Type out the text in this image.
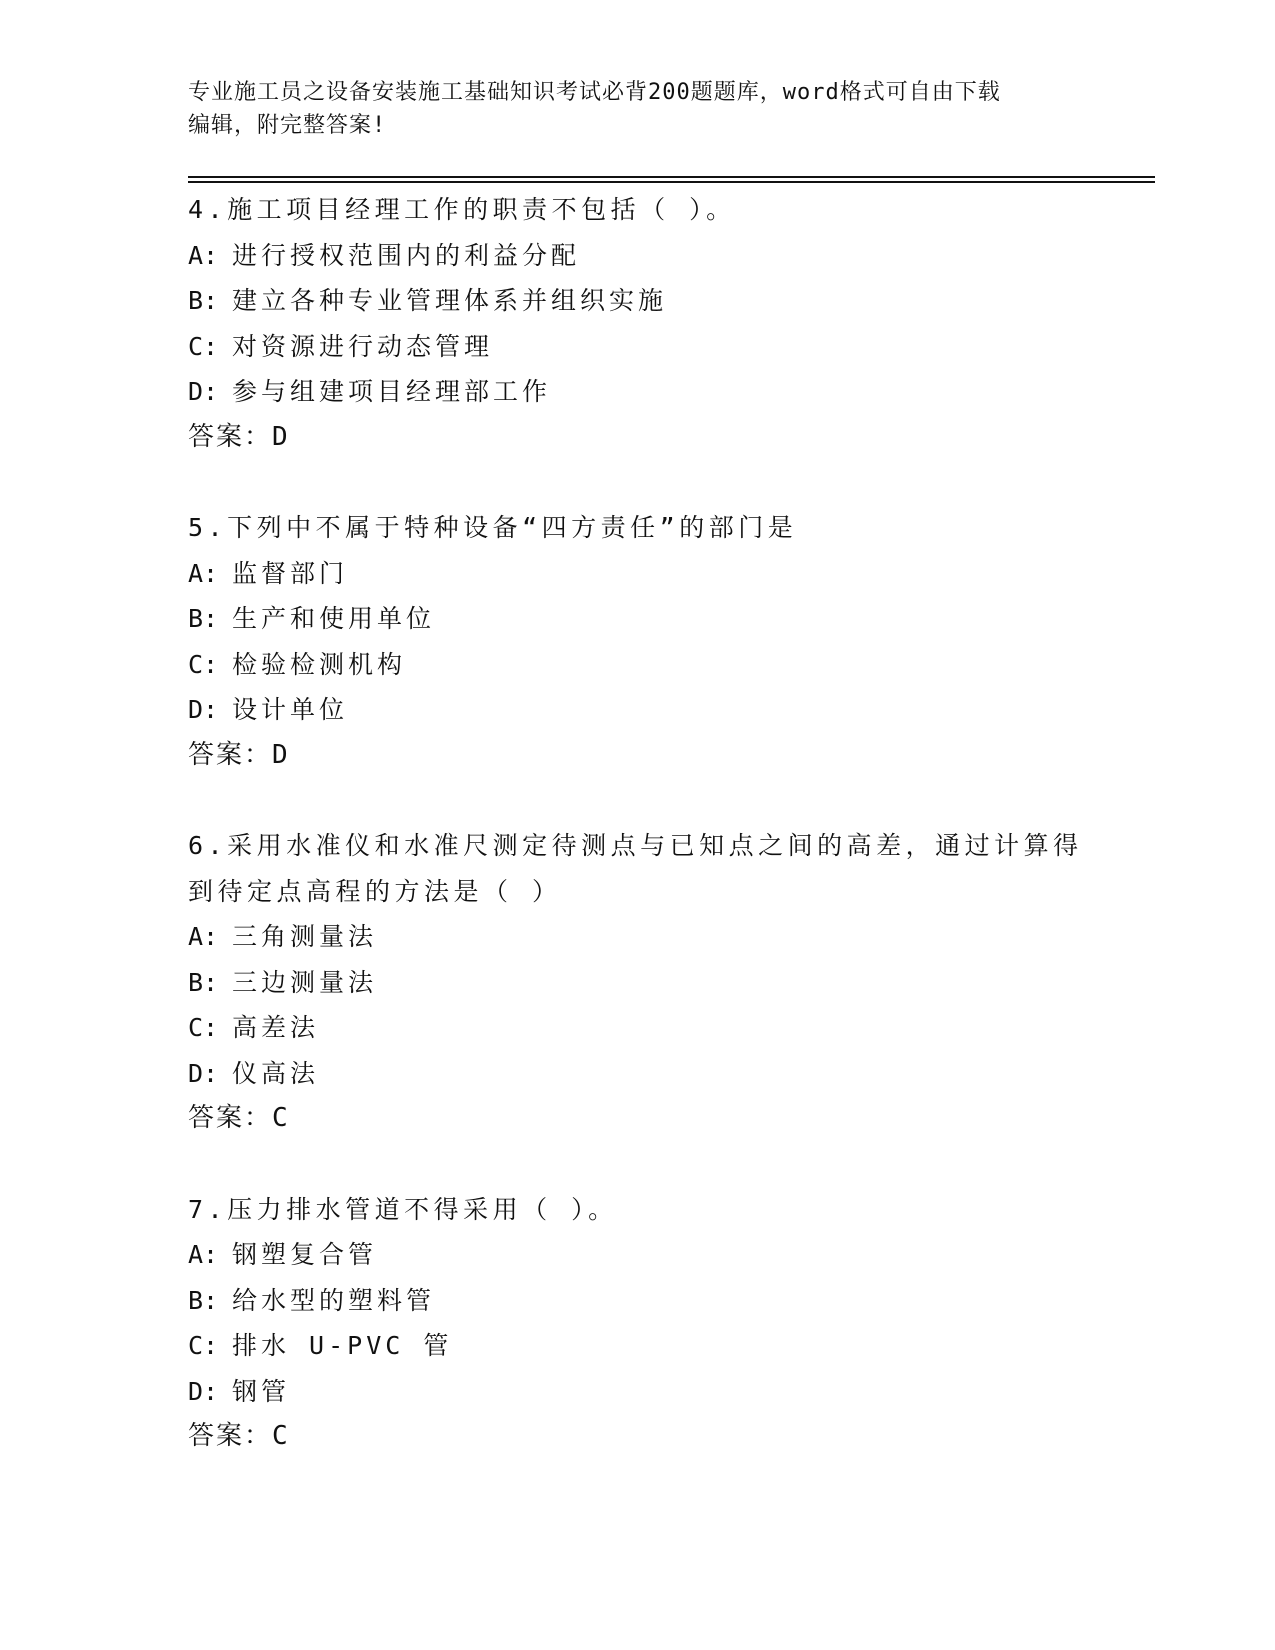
专业施工员之设备安装施工基础知识考试必背200题题库，word格式可自由下载
编辑，附完整答案!
4.施工项目经理工作的职责不包括（ ）。
A: 进行授权范围内的利益分配
B: 建立各种专业管理体系并组织实施
C: 对资源进行动态管理
D: 参与组建项目经理部工作
答案：D
5.下列中不属于特种设备“四方责任”的部门是
A: 监督部门
B: 生产和使用单位
C: 检验检测机构
D: 设计单位
答案：D
6.采用水准仪和水准尺测定待测点与已知点之间的高差，通过计算得
到待定点高程的方法是（ ）
A: 三角测量法
B: 三边测量法
C: 高差法
D: 仪高法
答案：C
7.压力排水管道不得采用（ ）。
A: 钢塑复合管
B: 给水型的塑料管
C: 排水 U-PVC 管
D: 钢管
答案：C
